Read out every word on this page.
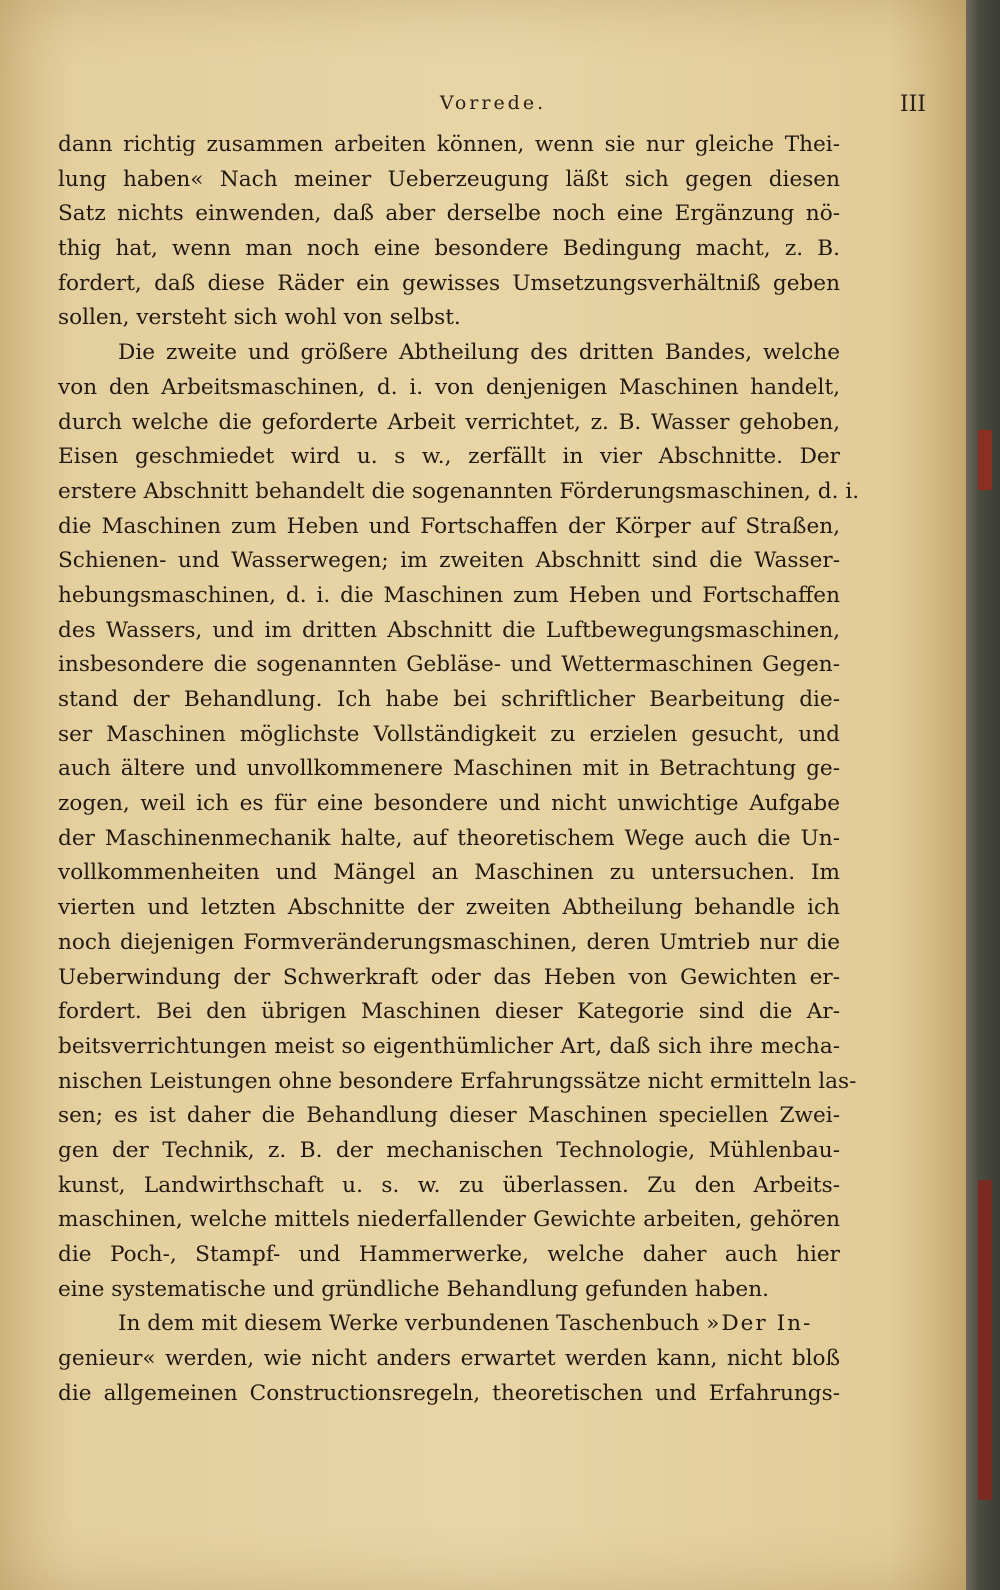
Vorrede.	III
dann richtig zusammen arbeiten können, wenn sie nur gleiche Thei-
lung haben« Nach meiner Ueberzeugung läßt sich gegen diesen
Satz nichts einwenden, daß aber derselbe noch eine Ergänzung nö-
thig hat, wenn man noch eine besondere Bedingung macht, z. B.
fordert, daß diese Räder ein gewisses Umsetzungsverhältniß geben
sollen, versteht sich wohl von selbst.
Die zweite und größere Abtheilung des dritten Bandes, welche
von den Arbeitsmaschinen, d. i. von denjenigen Maschinen handelt,
durch welche die geforderte Arbeit verrichtet, z. B. Wasser gehoben,
Eisen geschmiedet wird u. s w., zerfällt in vier Abschnitte. Der
erstere Abschnitt behandelt die sogenannten Förderungsmaschinen, d. i.
die Maschinen zum Heben und Fortschaffen der Körper auf Straßen,
Schienen- und Wasserwegen; im zweiten Abschnitt sind die Wasser-
hebungsmaschinen, d. i. die Maschinen zum Heben und Fortschaffen
des Wassers, und im dritten Abschnitt die Luftbewegungsmaschinen,
insbesondere die sogenannten Gebläse- und Wettermaschinen Gegen-
stand der Behandlung. Ich habe bei schriftlicher Bearbeitung die-
ser Maschinen möglichste Vollständigkeit zu erzielen gesucht, und
auch ältere und unvollkommenere Maschinen mit in Betrachtung ge-
zogen, weil ich es für eine besondere und nicht unwichtige Aufgabe
der Maschinenmechanik halte, auf theoretischem Wege auch die Un-
vollkommenheiten und Mängel an Maschinen zu untersuchen. Im
vierten und letzten Abschnitte der zweiten Abtheilung behandle ich
noch diejenigen Formveränderungsmaschinen, deren Umtrieb nur die
Ueberwindung der Schwerkraft oder das Heben von Gewichten er-
fordert. Bei den übrigen Maschinen dieser Kategorie sind die Ar-
beitsverrichtungen meist so eigenthümlicher Art, daß sich ihre mecha-
nischen Leistungen ohne besondere Erfahrungssätze nicht ermitteln las-
sen; es ist daher die Behandlung dieser Maschinen speciellen Zwei-
gen der Technik, z. B. der mechanischen Technologie, Mühlenbau-
kunst, Landwirthschaft u. s. w. zu überlassen. Zu den Arbeits-
maschinen, welche mittels niederfallender Gewichte arbeiten, gehören
die Poch-, Stampf- und Hammerwerke, welche daher auch hier
eine systematische und gründliche Behandlung gefunden haben.
In dem mit diesem Werke verbundenen Taschenbuch »Der In-
genieur« werden, wie nicht anders erwartet werden kann, nicht bloß
die allgemeinen Constructionsregeln, theoretischen und Erfahrungs-
